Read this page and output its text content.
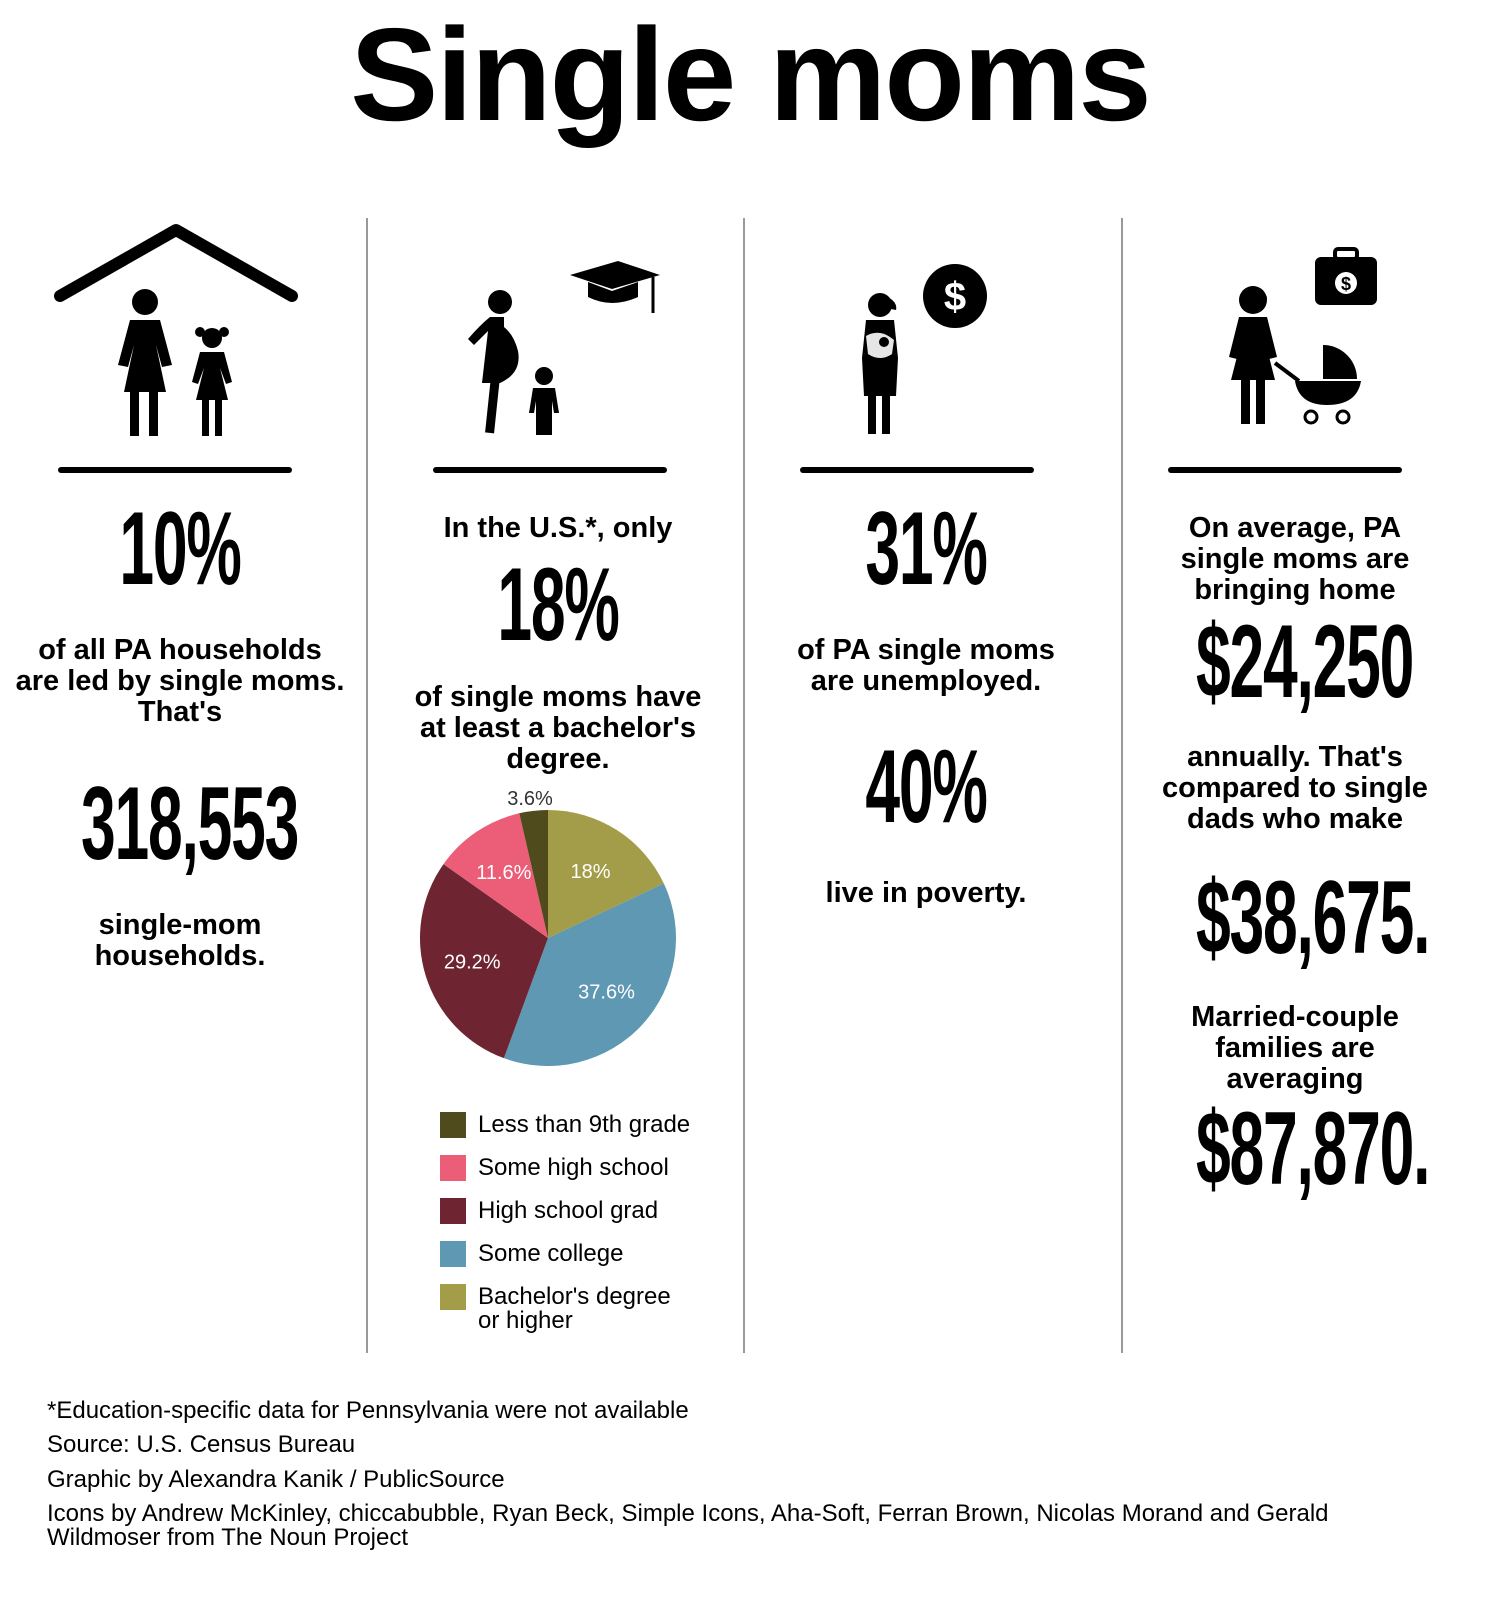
Single moms
$	$
10%
of all PA households are led by single moms. That's
318,553
single-mom households.
In the U.S.*, only
18%
of single moms have at least a bachelor's degree.
18%
37.6%
29.2%
11.6%
3.6%
Less than 9th grade
Some high school
High school grad
Some college
Bachelor's degree
or higher
31%
of PA single moms are unemployed.
40%
live in poverty.
On average, PA single moms are bringing home
$24,250
annually. That's compared to single dads who make
$38,675.
Married-couple families are averaging
$87,870.
*Education-specific data for Pennsylvania were not available
Source: U.S. Census Bureau
Graphic by Alexandra Kanik / PublicSource
Icons by Andrew McKinley, chiccabubble, Ryan Beck, Simple Icons, Aha-Soft, Ferran Brown, Nicolas Morand and Gerald
Wildmoser from The Noun Project
